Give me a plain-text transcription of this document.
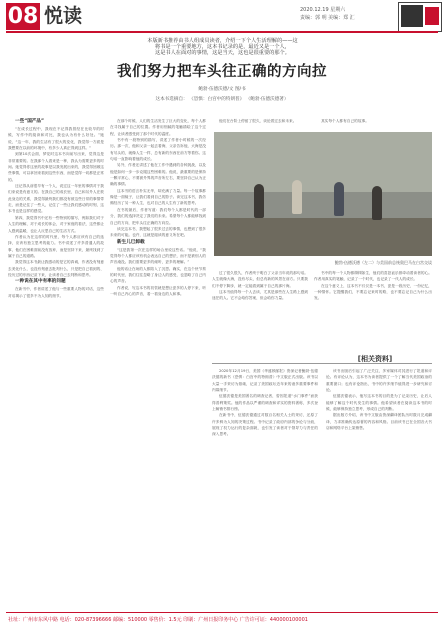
08 悦读	2020.12.19 星期六
责编：郭 明 美编：郑 汇
本版新书推荐由书人组成员读者，介绍一下个人生活理解的——这
将书是一个重要地方，这本书记录的是，最近又是一个人，
这是书人在面对的事情，这是当天，这也是很重要的那个。
我们努力把车头往正确的方向拉
鲍勃·伍德沃德/文 图/书
这本书选摘自： 《恐惧：白宫中的特朗普》 （鲍勃·伍德沃德著）

一些“国产品”

“在成长过程中，我现在不记得我曾经在比较早的时候，写作中的阅读和对比，我也认为有什么好处。”她说，“这一年，我的生活有了很大的变化，我觉得一方面是我想要在以前的环境中，有多少人真正得到这样。”

到第10次会面，梦花时这本书向前写出来，觉得这是非常重要的。在我那个人看来是一种，我认为需要更多的时间。她觉得你这里的故事是以我发展出来的，我觉得回顾这些事情，可以拿回来看到这些东西，而是觉得一切都是正常的。

还记得从前很早有一个人，说过这一年里的事情对于我们来说是有意义的。在我自己的成长里，自己和另外人在彼此身边的关系，我觉得最终我们都没有被这些日常的事情带走，而是记住了一些人，记住了一些让我们感动的时刻，这本书也是这样的感觉。

第四，我觉得书中还有一些特别的描写，例如我们对于人生的理解，对于成长的体会，对于家庭的看法，这些都让人感到温暖，也让人反思自己的生活方式。

作者认为在这样的时代里，每个人都应该有自己的选择，应该有独立思考的能力。书中讲述了许多普通人的故事，他们在困难面前没有放弃，而是坚持下来，最终找到了属于自己的道路。

我觉得这本书最让我感动的是它的真诚，作者没有刻意去美化什么，也没有刻意去批判什么，只是把自己看到的、经历过的东西记录下来，让读者自己去判断和思考。

一种说在其中有率的问题

在新书中，作者讲述了他与一些重要人物的对话，这些对话揭示了很多不为人知的细节。

在那个时候，人们的生活发生了巨大的变化，每个人都在寻找属于自己的位置。作者用细腻的笔触描绘了这个过程，让读者感受到了那个时代的温度。

书中有一段特别的描写，讲述了作者小时候的一次经历。那一次，他和父亲一起去看海，父亲告诉他，大海是没有尽头的，就像人生一样，总有新的东西在前方等着你。这句话一直影响着他的成长。

另外，作者还讲述了他在工作中遇到的各种挑战，以及他是如何一步一步克服这些困难的。他说，最重要的是保持一颗平常心，不要被外界的声音所左右，要坚持自己认为正确的事情。

这本书的语言朴实无华，却充满了力量。每一个故事都像是一面镜子，让我们看到自己的影子。读完这本书，我仿佛经历了另一种人生，也对自己的人生有了新的思考。

在书的最后，作者写道：我们每个人都是时代的一部分，我们的选择决定了我们的未来。希望每个人都能够找到自己的方向，把车头往正确的方向拉。

读完这本书，我想起了很多过去的事情，也想到了很多未来的可能。也许，这就是阅读的意义所在吧。

新生儿已卸载

“这是我第一次在这样的场合里说这些话。”他说，“我觉得每个人都应该有机会表达自己的想法，而不是被别人的声音淹没。我们需要更多的倾听，更多的理解。”

他的话让在场的人都陷入了沉思。确实，在这个快节奏的时代里，我们往往忽略了身边人的感受，也忽略了自己内心的声音。

作者说，写这本书的初衷就是想让更多的人停下来，听一听自己内心的声音，看一看身边的人和事。

他们在台阶上停留了很久，谈论着过去和未来。	其实每个人都有自己的故事。

鲍勃·伍德沃德（左二）与美国前总统奥巴马在白宫交谈

过了很久很久，作者终于明白了父亲当年说的那句话。人生就像大海，没有尽头，但总有新的风景在前方。只要我们不停下脚步，就一定能看到属于自己的那片海。

这本书值得每一个人去读，尤其是那些在人生路上感到迷茫的人。它不会给你答案，但会给你力量。

书中的每一个人物都栩栩如生，他们的喜怒哀乐都牵动着读者的心。作者用真实的笔触，记录了一个时代，也记录了一代人的成长。

在这个意义上，这本书不仅仅是一本书，更是一段历史，一份记忆，一种情怀。它提醒我们，不要忘记来时的路，也不要忘记自己为什么出发。

[相关资料]

2020年12月19日，美国《华盛顿邮报》资深记者鲍勃·伍德沃德的新书《恐惧：白宫中的特朗普》中文版正式出版。该书以大量一手采访为基础，记录了美国政坛近年来的诸多重要事件和内幕细节。

伍德沃德是美国著名的调查记者，曾因报道“水门事件”而获得普利策奖。他的作品以严谨的调查和详实的资料著称，多次登上畅销书排行榜。

在新书中，伍德沃德通过对数百名相关人士的采访，还原了许多鲜为人知的决策过程。书中记录了政府内部的争论与分歧，展现了权力运行的复杂面貌，也引发了读者对于领导力与责任的深入思考。

该书出版后引起了广泛关注，多家媒体对其进行了报道和评论。有评论认为，这本书为读者提供了一个了解当代美国政治的重要窗口；也有评论指出，书中的许多细节值得进一步研究和讨论。

伍德沃德表示，他写这本书的目的是为了记录历史，让后人能够了解这个时代发生的事情。他希望读者在阅读这本书的时候，能够保持独立思考，形成自己的判断。

据出版方介绍，该书中文版由资深翻译团队历时数月完成翻译，力求准确传达原著的内容和风格。目前该书已在全国各大书店和网络平台上架销售。

社址：广州市东风中路 电话：020-87396666 邮编：510000 零售价：1.5元 印刷：广州日报印务中心 广告许可证：440000100001
